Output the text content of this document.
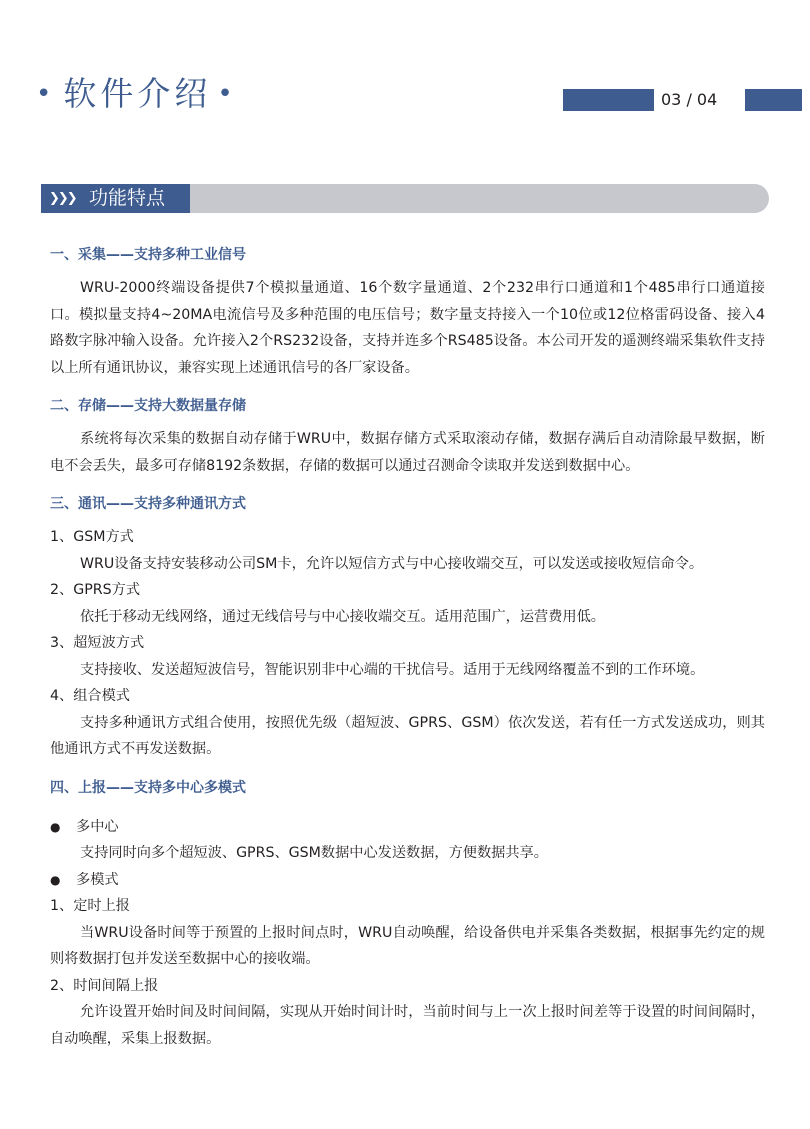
• 软件介绍 •	03 / 04
❯❯❯ 功能特点
一、采集——支持多种工业信号

WRU-2000终端设备提供7个模拟量通道、16个数字量通道、2个232串行口通道和1个485串行口通道接口。模拟量支持4~20MA电流信号及多种范围的电压信号；数字量支持接入一个10位或12位格雷码设备、接入4路数字脉冲输入设备。允许接入2个RS232设备，支持并连多个RS485设备。本公司开发的遥测终端采集软件支持以上所有通讯协议，兼容实现上述通讯信号的各厂家设备。

二、存储——支持大数据量存储

系统将每次采集的数据自动存储于WRU中，数据存储方式采取滚动存储，数据存满后自动清除最早数据，断电不会丢失，最多可存储8192条数据，存储的数据可以通过召测命令读取并发送到数据中心。

三、通讯——支持多种通讯方式

1、GSM方式

WRU设备支持安装移动公司SM卡，允许以短信方式与中心接收端交互，可以发送或接收短信命令。

2、GPRS方式

依托于移动无线网络，通过无线信号与中心接收端交互。适用范围广，运营费用低。

3、超短波方式

支持接收、发送超短波信号，智能识别非中心端的干扰信号。适用于无线网络覆盖不到的工作环境。

4、组合模式

支持多种通讯方式组合使用，按照优先级（超短波、GPRS、GSM）依次发送，若有任一方式发送成功，则其他通讯方式不再发送数据。

四、上报——支持多中心多模式
●	多中心

支持同时向多个超短波、GPRS、GSM数据中心发送数据，方便数据共享。

●	多模式

1、定时上报

当WRU设备时间等于预置的上报时间点时，WRU自动唤醒，给设备供电并采集各类数据，根据事先约定的规则将数据打包并发送至数据中心的接收端。

2、时间间隔上报

允许设置开始时间及时间间隔，实现从开始时间计时，当前时间与上一次上报时间差等于设置的时间间隔时，自动唤醒，采集上报数据。
